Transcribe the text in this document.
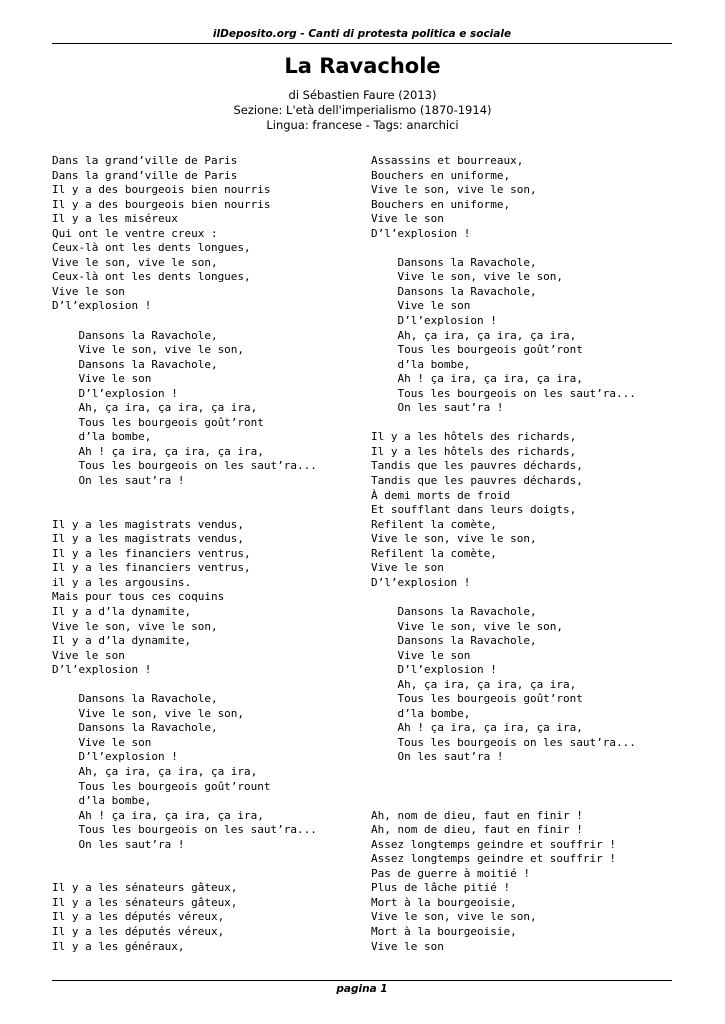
ilDeposito.org - Canti di protesta politica e sociale
La Ravachole
di Sébastien Faure (2013)
Sezione: L'età dell'imperialismo (1870-1914)
Lingua: francese - Tags: anarchici
Dans la grand’ville de Paris
Dans la grand’ville de Paris
Il y a des bourgeois bien nourris
Il y a des bourgeois bien nourris
Il y a les miséreux
Qui ont le ventre creux :
Ceux-là ont les dents longues,
Vive le son, vive le son,
Ceux-là ont les dents longues,
Vive le son
D’l’explosion !
Dansons la Ravachole,
Vive le son, vive le son,
Dansons la Ravachole,
Vive le son
D’l’explosion !
Ah, ça ira, ça ira, ça ira,
Tous les bourgeois goût’ront
d’la bombe,
Ah ! ça ira, ça ira, ça ira,
Tous les bourgeois on les saut’ra...
On les saut’ra !
Il y a les magistrats vendus,
Il y a les magistrats vendus,
Il y a les financiers ventrus,
Il y a les financiers ventrus,
il y a les argousins.
Mais pour tous ces coquins
Il y a d’la dynamite,
Vive le son, vive le son,
Il y a d’la dynamite,
Vive le son
D’l’explosion !
Dansons la Ravachole,
Vive le son, vive le son,
Dansons la Ravachole,
Vive le son
D’l’explosion !
Ah, ça ira, ça ira, ça ira,
Tous les bourgeois goût’rount
d’la bombe,
Ah ! ça ira, ça ira, ça ira,
Tous les bourgeois on les saut’ra...
On les saut’ra !
Il y a les sénateurs gâteux,
Il y a les sénateurs gâteux,
Il y a les députés véreux,
Il y a les députés véreux,
Il y a les généraux,
Assassins et bourreaux,
Bouchers en uniforme,
Vive le son, vive le son,
Bouchers en uniforme,
Vive le son
D’l’explosion !
Dansons la Ravachole,
Vive le son, vive le son,
Dansons la Ravachole,
Vive le son
D’l’explosion !
Ah, ça ira, ça ira, ça ira,
Tous les bourgeois goût’ront
d’la bombe,
Ah ! ça ira, ça ira, ça ira,
Tous les bourgeois on les saut’ra...
On les saut’ra !
Il y a les hôtels des richards,
Il y a les hôtels des richards,
Tandis que les pauvres déchards,
Tandis que les pauvres déchards,
À demi morts de froid
Et soufflant dans leurs doigts,
Refilent la comète,
Vive le son, vive le son,
Refilent la comète,
Vive le son
D’l’explosion !
Dansons la Ravachole,
Vive le son, vive le son,
Dansons la Ravachole,
Vive le son
D’l’explosion !
Ah, ça ira, ça ira, ça ira,
Tous les bourgeois goût’ront
d’la bombe,
Ah ! ça ira, ça ira, ça ira,
Tous les bourgeois on les saut’ra...
On les saut’ra !
Ah, nom de dieu, faut en finir !
Ah, nom de dieu, faut en finir !
Assez longtemps geindre et souffrir !
Assez longtemps geindre et souffrir !
Pas de guerre à moitié !
Plus de lâche pitié !
Mort à la bourgeoisie,
Vive le son, vive le son,
Mort à la bourgeoisie,
Vive le son
pagina 1
